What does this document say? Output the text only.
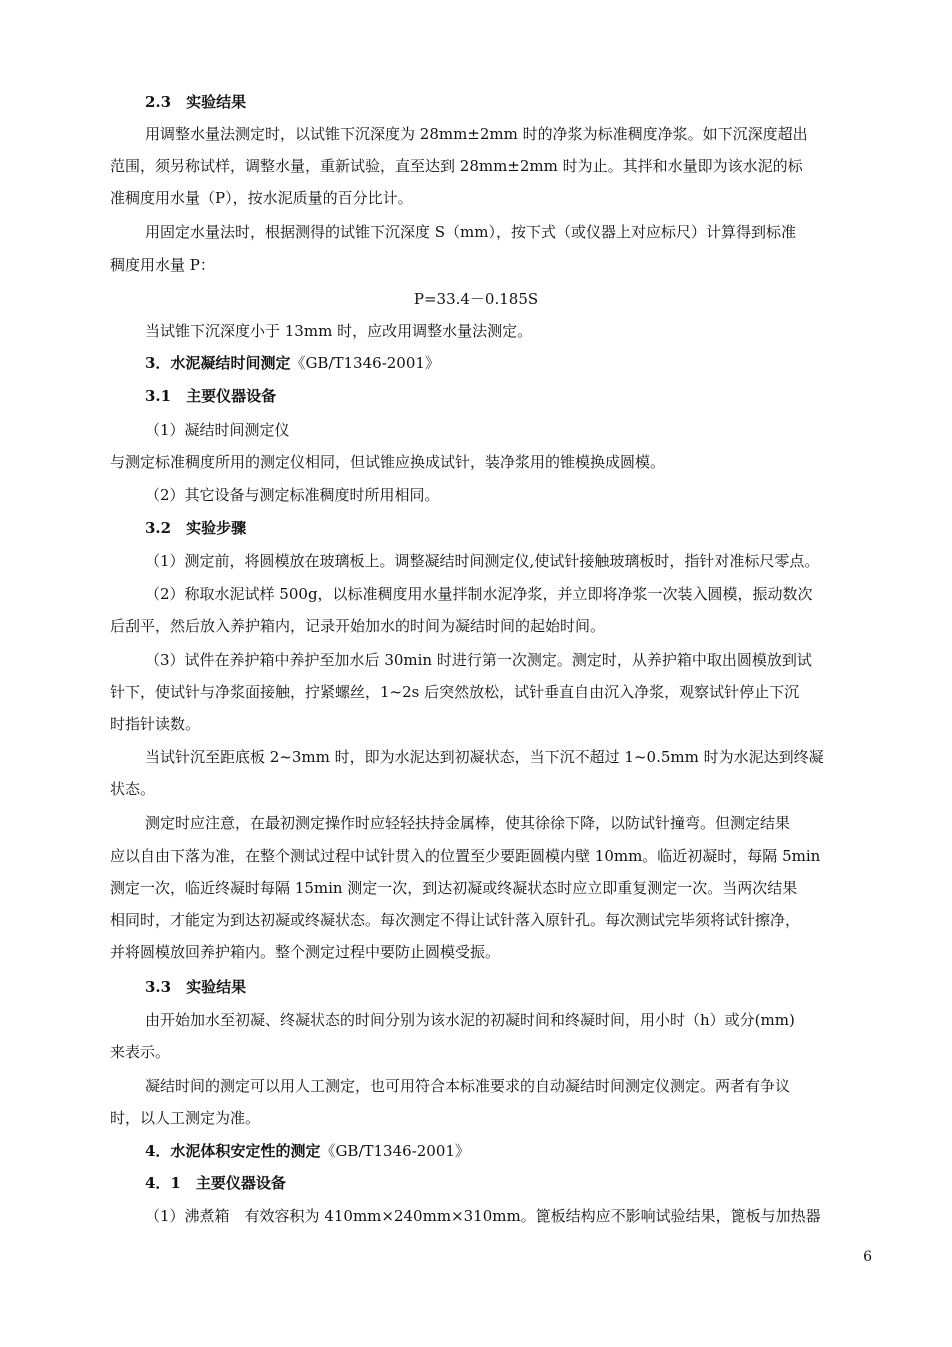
2.3　实验结果
用调整水量法测定时，以试锥下沉深度为 28mm±2mm 时的净浆为标准稠度净浆。如下沉深度超出
范围，须另称试样，调整水量，重新试验，直至达到 28mm±2mm 时为止。其拌和水量即为该水泥的标
准稠度用水量（P），按水泥质量的百分比计。
用固定水量法时，根据测得的试锥下沉深度 S（mm），按下式（或仪器上对应标尺）计算得到标准
稠度用水量 P：
P=33.4－0.185S
当试锥下沉深度小于 13mm 时，应改用调整水量法测定。
3．水泥凝结时间测定《GB/T1346-2001》
3.1　主要仪器设备
（1）凝结时间测定仪
与测定标准稠度所用的测定仪相同，但试锥应换成试针，装净浆用的锥模换成圆模。
（2）其它设备与测定标准稠度时所用相同。
3.2　实验步骤
（1）测定前，将圆模放在玻璃板上。调整凝结时间测定仪,使试针接触玻璃板时，指针对准标尺零点。
（2）称取水泥试样 500g，以标准稠度用水量拌制水泥净浆，并立即将净浆一次装入圆模，振动数次
后刮平，然后放入养护箱内，记录开始加水的时间为凝结时间的起始时间。
（3）试件在养护箱中养护至加水后 30min 时进行第一次测定。测定时，从养护箱中取出圆模放到试
针下，使试针与净浆面接触，拧紧螺丝，1~2s 后突然放松，试针垂直自由沉入净浆，观察试针停止下沉
时指针读数。
当试针沉至距底板 2~3mm 时，即为水泥达到初凝状态，当下沉不超过 1~0.5mm 时为水泥达到终凝
状态。
测定时应注意，在最初测定操作时应轻轻扶持金属棒，使其徐徐下降，以防试针撞弯。但测定结果
应以自由下落为准，在整个测试过程中试针贯入的位置至少要距圆模内壁 10mm。临近初凝时，每隔 5min
测定一次，临近终凝时每隔 15min 测定一次，到达初凝或终凝状态时应立即重复测定一次。当两次结果
相同时，才能定为到达初凝或终凝状态。每次测定不得让试针落入原针孔。每次测试完毕须将试针擦净，
并将圆模放回养护箱内。整个测定过程中要防止圆模受振。
3.3　实验结果
由开始加水至初凝、终凝状态的时间分别为该水泥的初凝时间和终凝时间，用小时（h）或分(mm)
来表示。
凝结时间的测定可以用人工测定，也可用符合本标准要求的自动凝结时间测定仪测定。两者有争议
时，以人工测定为准。
4．水泥体积安定性的测定《GB/T1346-2001》
4．1　主要仪器设备
（1）沸煮箱　有效容积为 410mm×240mm×310mm。篦板结构应不影响试验结果，篦板与加热器
6
